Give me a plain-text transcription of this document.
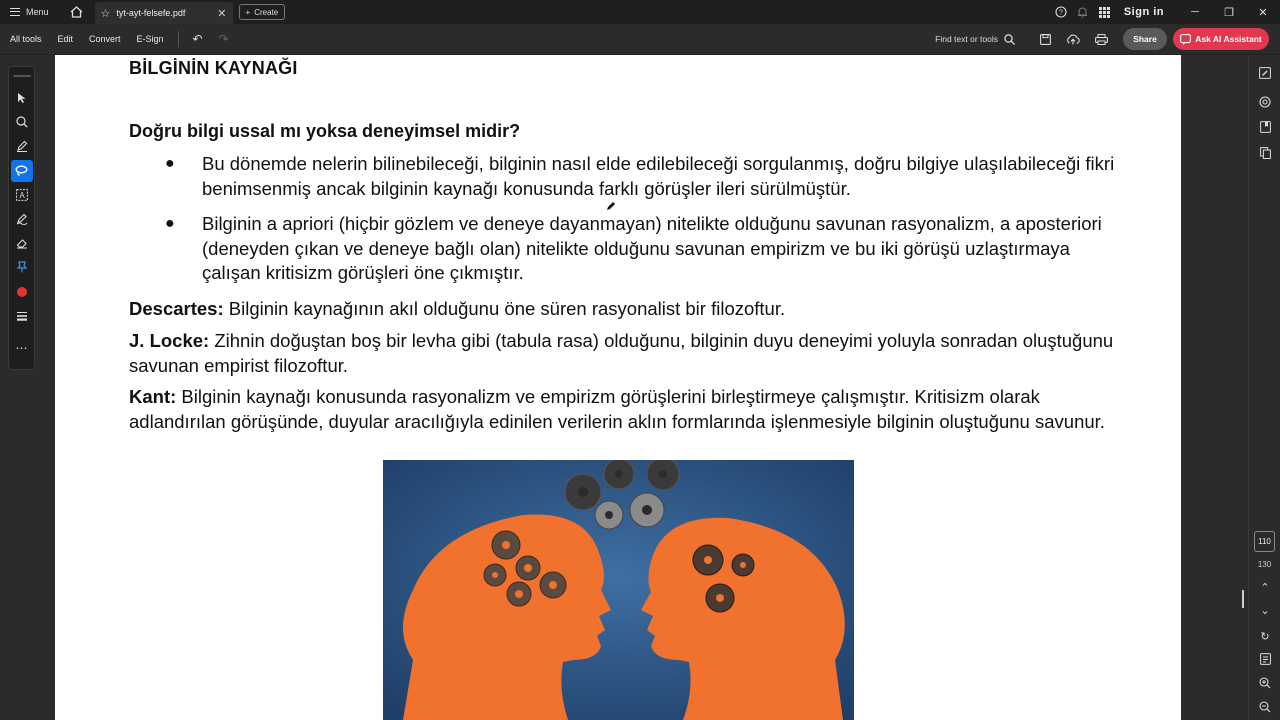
Menu	☆ tyt-ayt-felsefe.pdf	✕ + Create	?	Sign in	─	❐	✕
All tools	Edit	Convert	E-Sign	↶	↷	Find text or tools	Share	Ask AI Assistant
A
⋯
BİLGİNİN KAYNAĞI
Doğru bilgi ussal mı yoksa deneyimsel midir?
● Bu dönemde nelerin bilinebileceği, bilginin nasıl elde edilebileceği sorgulanmış, doğru bilgiye ulaşılabileceği fikri benimsenmiş ancak bilginin kaynağı konusunda farklı görüşler ileri sürülmüştür.
● Bilginin a apriori (hiçbir gözlem ve deneye dayanmayan) nitelikte olduğunu savunan rasyonalizm, a aposteriori (deneyden çıkan ve deneye bağlı olan) nitelikte olduğunu savunan empirizm ve bu iki görüşü uzlaştırmaya çalışan kritisizm görüşleri öne çıkmıştır.
Descartes: Bilginin kaynağının akıl olduğunu öne süren rasyonalist bir filozoftur.
J. Locke: Zihnin doğuştan boş bir levha gibi (tabula rasa) olduğunu, bilginin duyu deneyimi yoluyla sonradan oluştuğunu savunan empirist filozoftur.
Kant: Bilginin kaynağı konusunda rasyonalizm ve empirizm görüşlerini birleştirmeye çalışmıştır. Kritisizm olarak adlandırılan görüşünde, duyular aracılığıyla edinilen verilerin aklın formlarında işlenmesiyle bilginin oluştuğunu savunur.
⌃
⌄
↻
110
130
